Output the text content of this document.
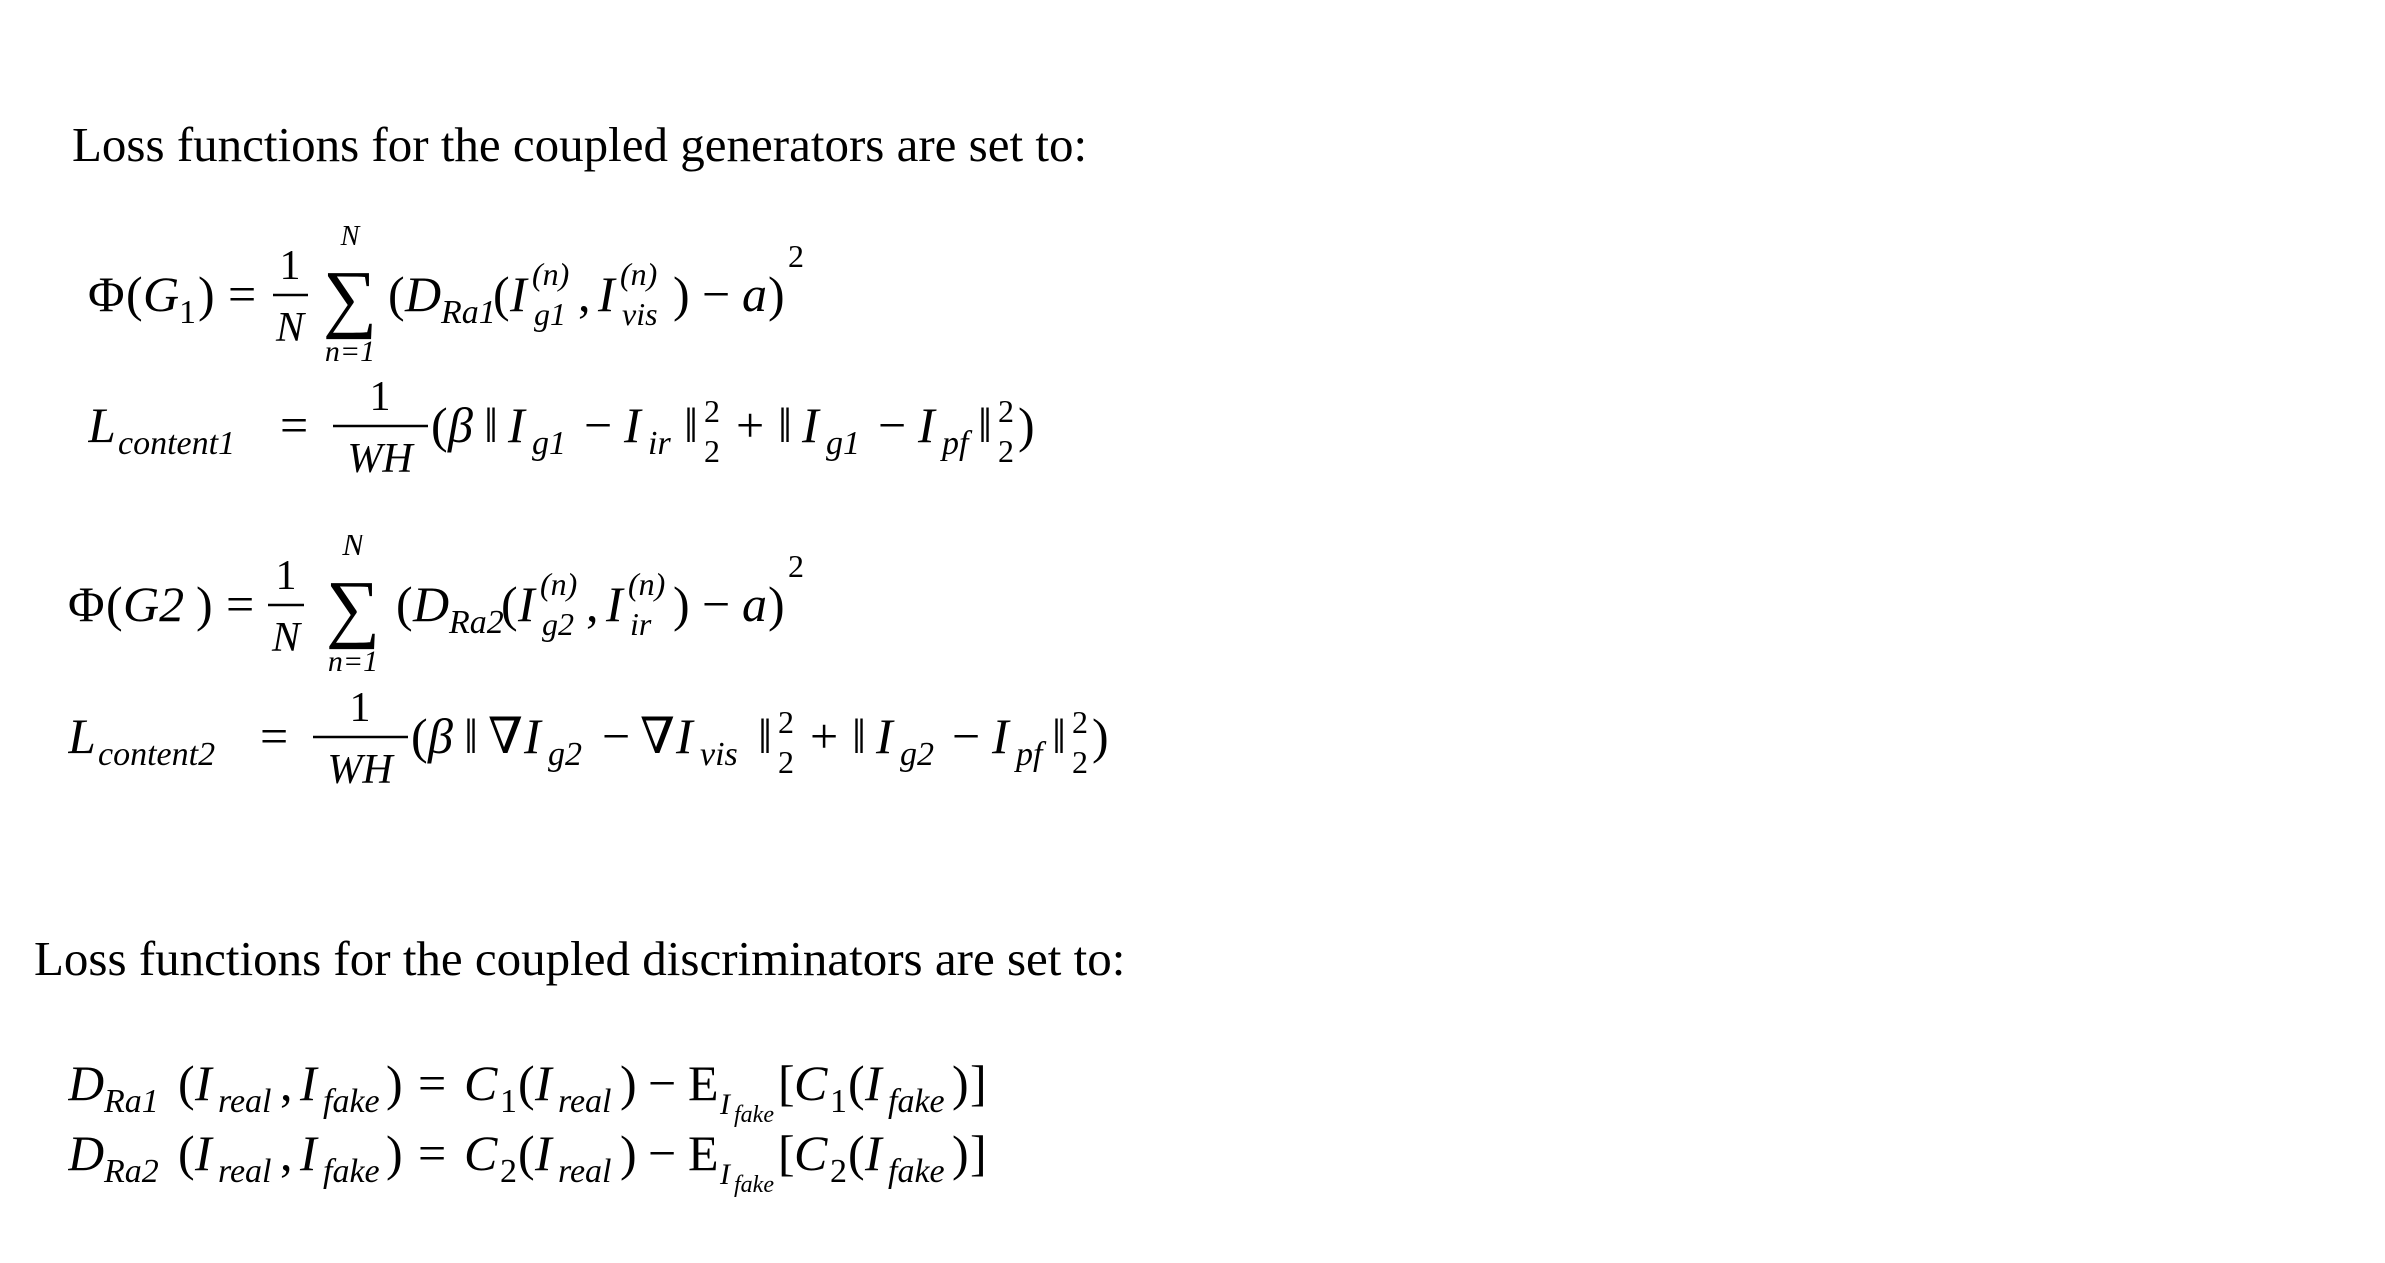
Loss functions for the coupled generators are set to:
Φ ( G 1 ) = 1
N
N
∑
n=1
( D Ra1
( I (n)
g1 , I (n)
vis ) − a )
2
L content1 = 1
WH
( β ‖ I g1 − I ir ‖ 2
2 + ‖ I g1 − I pf ‖ 2
2 )
Φ ( G2 ) = 1
N
N
∑
n=1
( D Ra2
( I (n)
g2 , I (n)
ir ) − a )
2
L content2 = 1
WH
( β ‖ ∇ I g2 − ∇ I vis ‖ 2
2 + ‖ I g2 − I pf ‖ 2
2 )
Loss functions for the coupled discriminators are set to:
D Ra1 ( I real , I fake ) = C 1 ( I real ) − E I fake
[ C 1 ( I fake ) ]
D Ra2 ( I real , I fake ) = C 2 ( I real ) − E I fake
[ C 2 ( I fake ) ]
